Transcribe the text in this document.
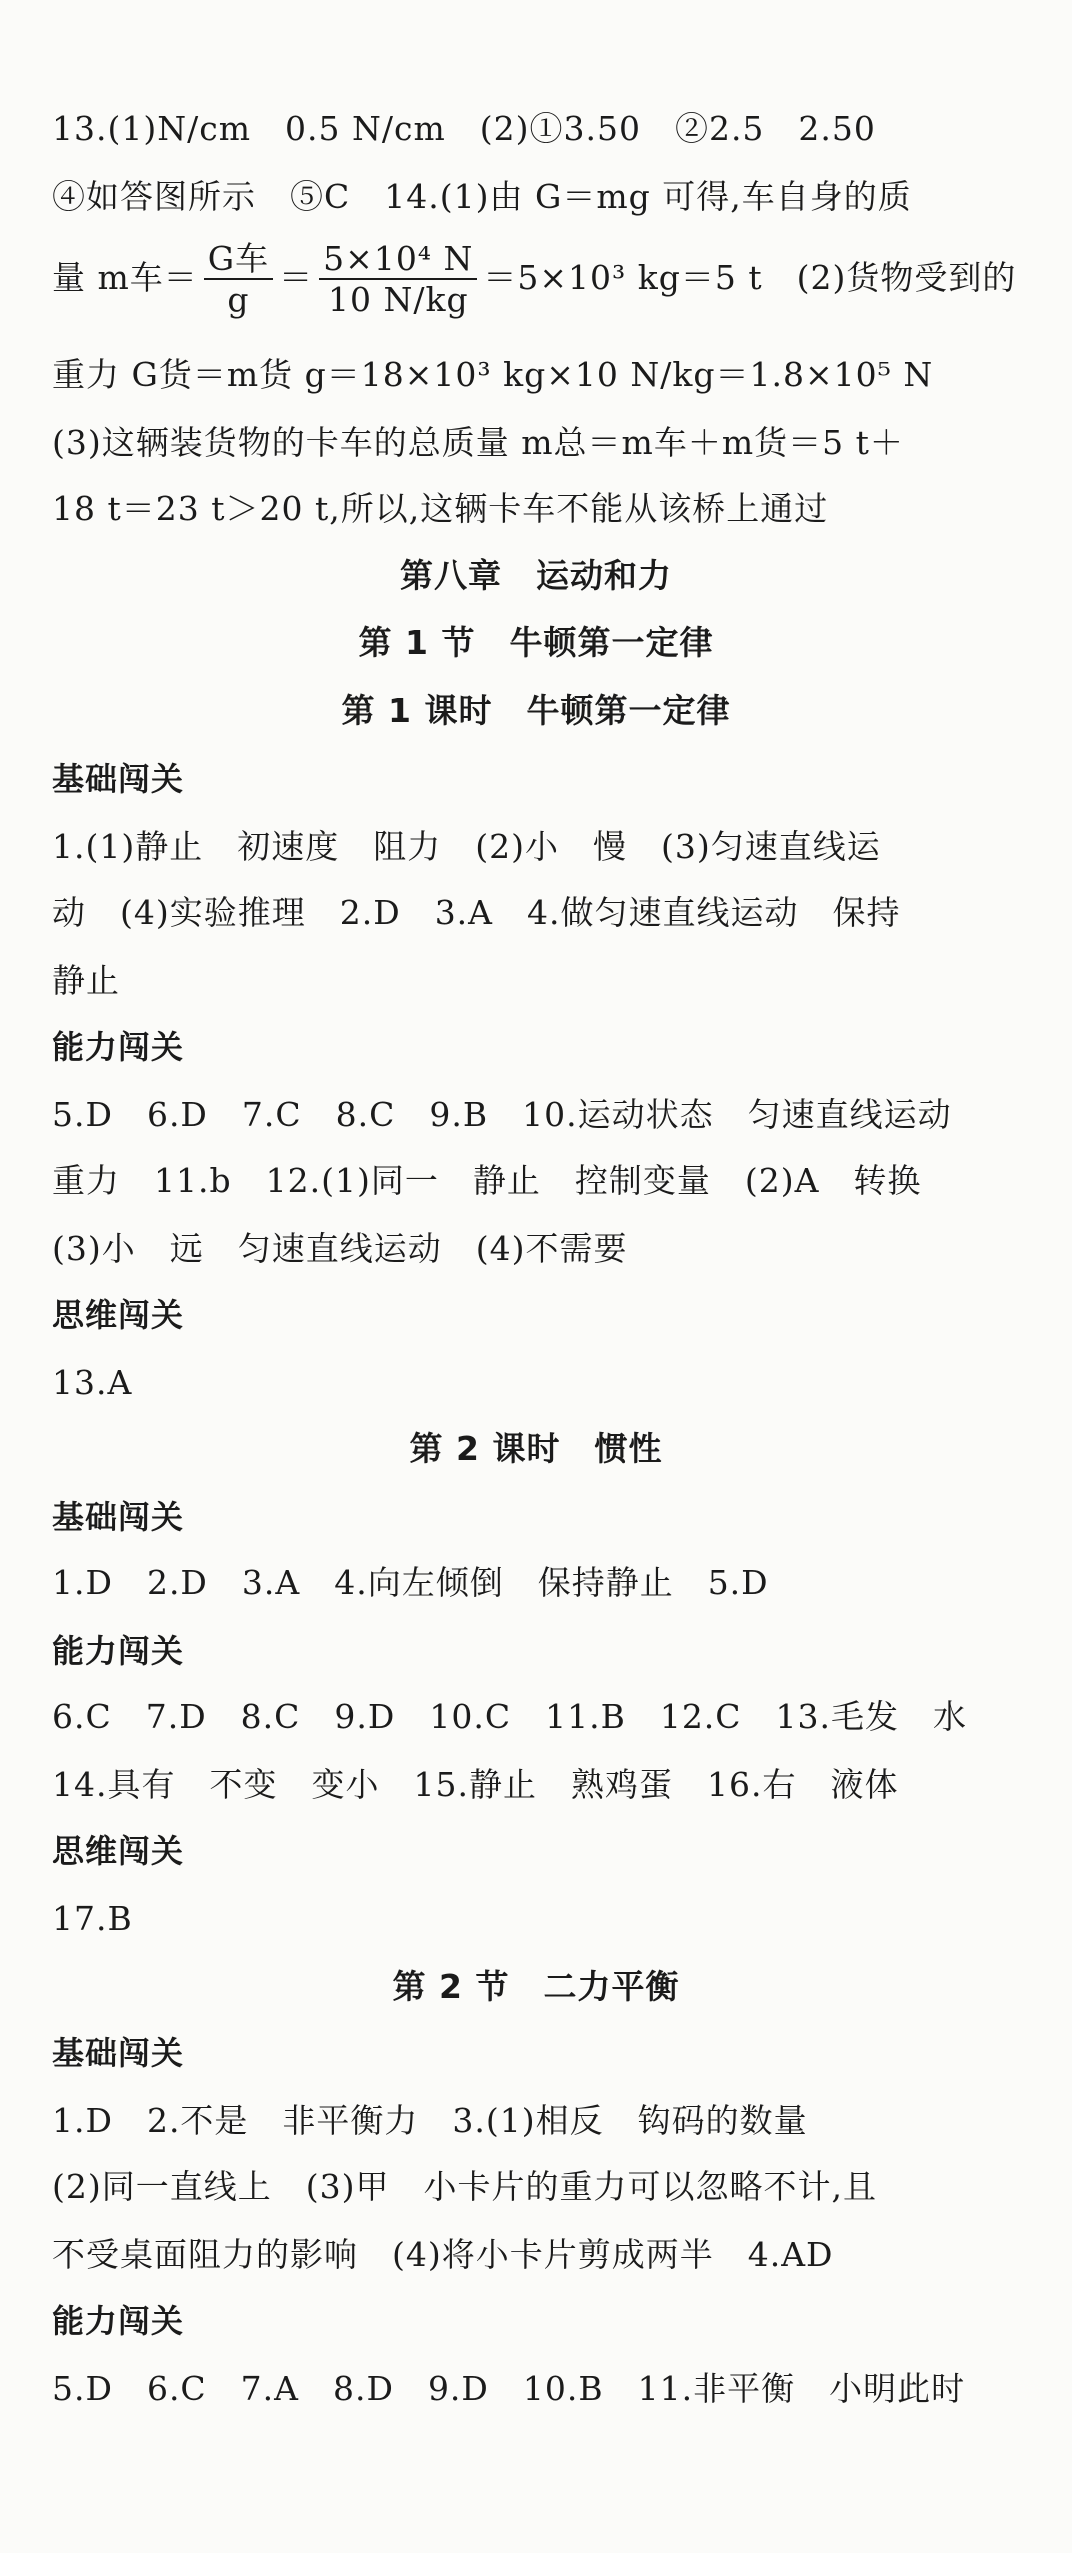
13.(1)N/cm　0.5 N/cm　(2)①3.50　②2.5　2.50
④如答图所示　⑤C　14.(1)由 G＝mg 可得,车自身的质
量 m车＝ $\frac{\text{G车}}{g} = \frac{\text{5×10⁴ N}}{10 N/kg} =5\times 10^3$ kg＝5 t　(2)货物受到的
重力 G货＝m货 g＝18×10³ kg×10 N/kg＝1.8×10⁵ N
(3)这辆装货物的卡车的总质量 m总＝m车＋m货＝5 t＋
18 t＝23 t＞20 t,所以,这辆卡车不能从该桥上通过
第八章　运动和力
第 1 节　牛顿第一定律
第 1 课时　牛顿第一定律
基础闯关
1.(1)静止　初速度　阻力　(2)小　慢　(3)匀速直线运
动　(4)实验推理　2.D　3.A　4.做匀速直线运动　保持
静止
能力闯关
5.D　6.D　7.C　8.C　9.B　10.运动状态　匀速直线运动
重力　11.b　12.(1)同一　静止　控制变量　(2)A　转换
(3)小　远　匀速直线运动　(4)不需要
思维闯关
13.A
第 2 课时　惯性
基础闯关
1.D　2.D　3.A　4.向左倾倒　保持静止　5.D
能力闯关
6.C　7.D　8.C　9.D　10.C　11.B　12.C　13.毛发　水
14.具有　不变　变小　15.静止　熟鸡蛋　16.右　液体
思维闯关
17.B
第 2 节　二力平衡
基础闯关
1.D　2.不是　非平衡力　3.(1)相反　钩码的数量
(2)同一直线上　(3)甲　小卡片的重力可以忽略不计,且
不受桌面阻力的影响　(4)将小卡片剪成两半　4.AD
能力闯关
5.D　6.C　7.A　8.D　9.D　10.B　11.非平衡　小明此时
